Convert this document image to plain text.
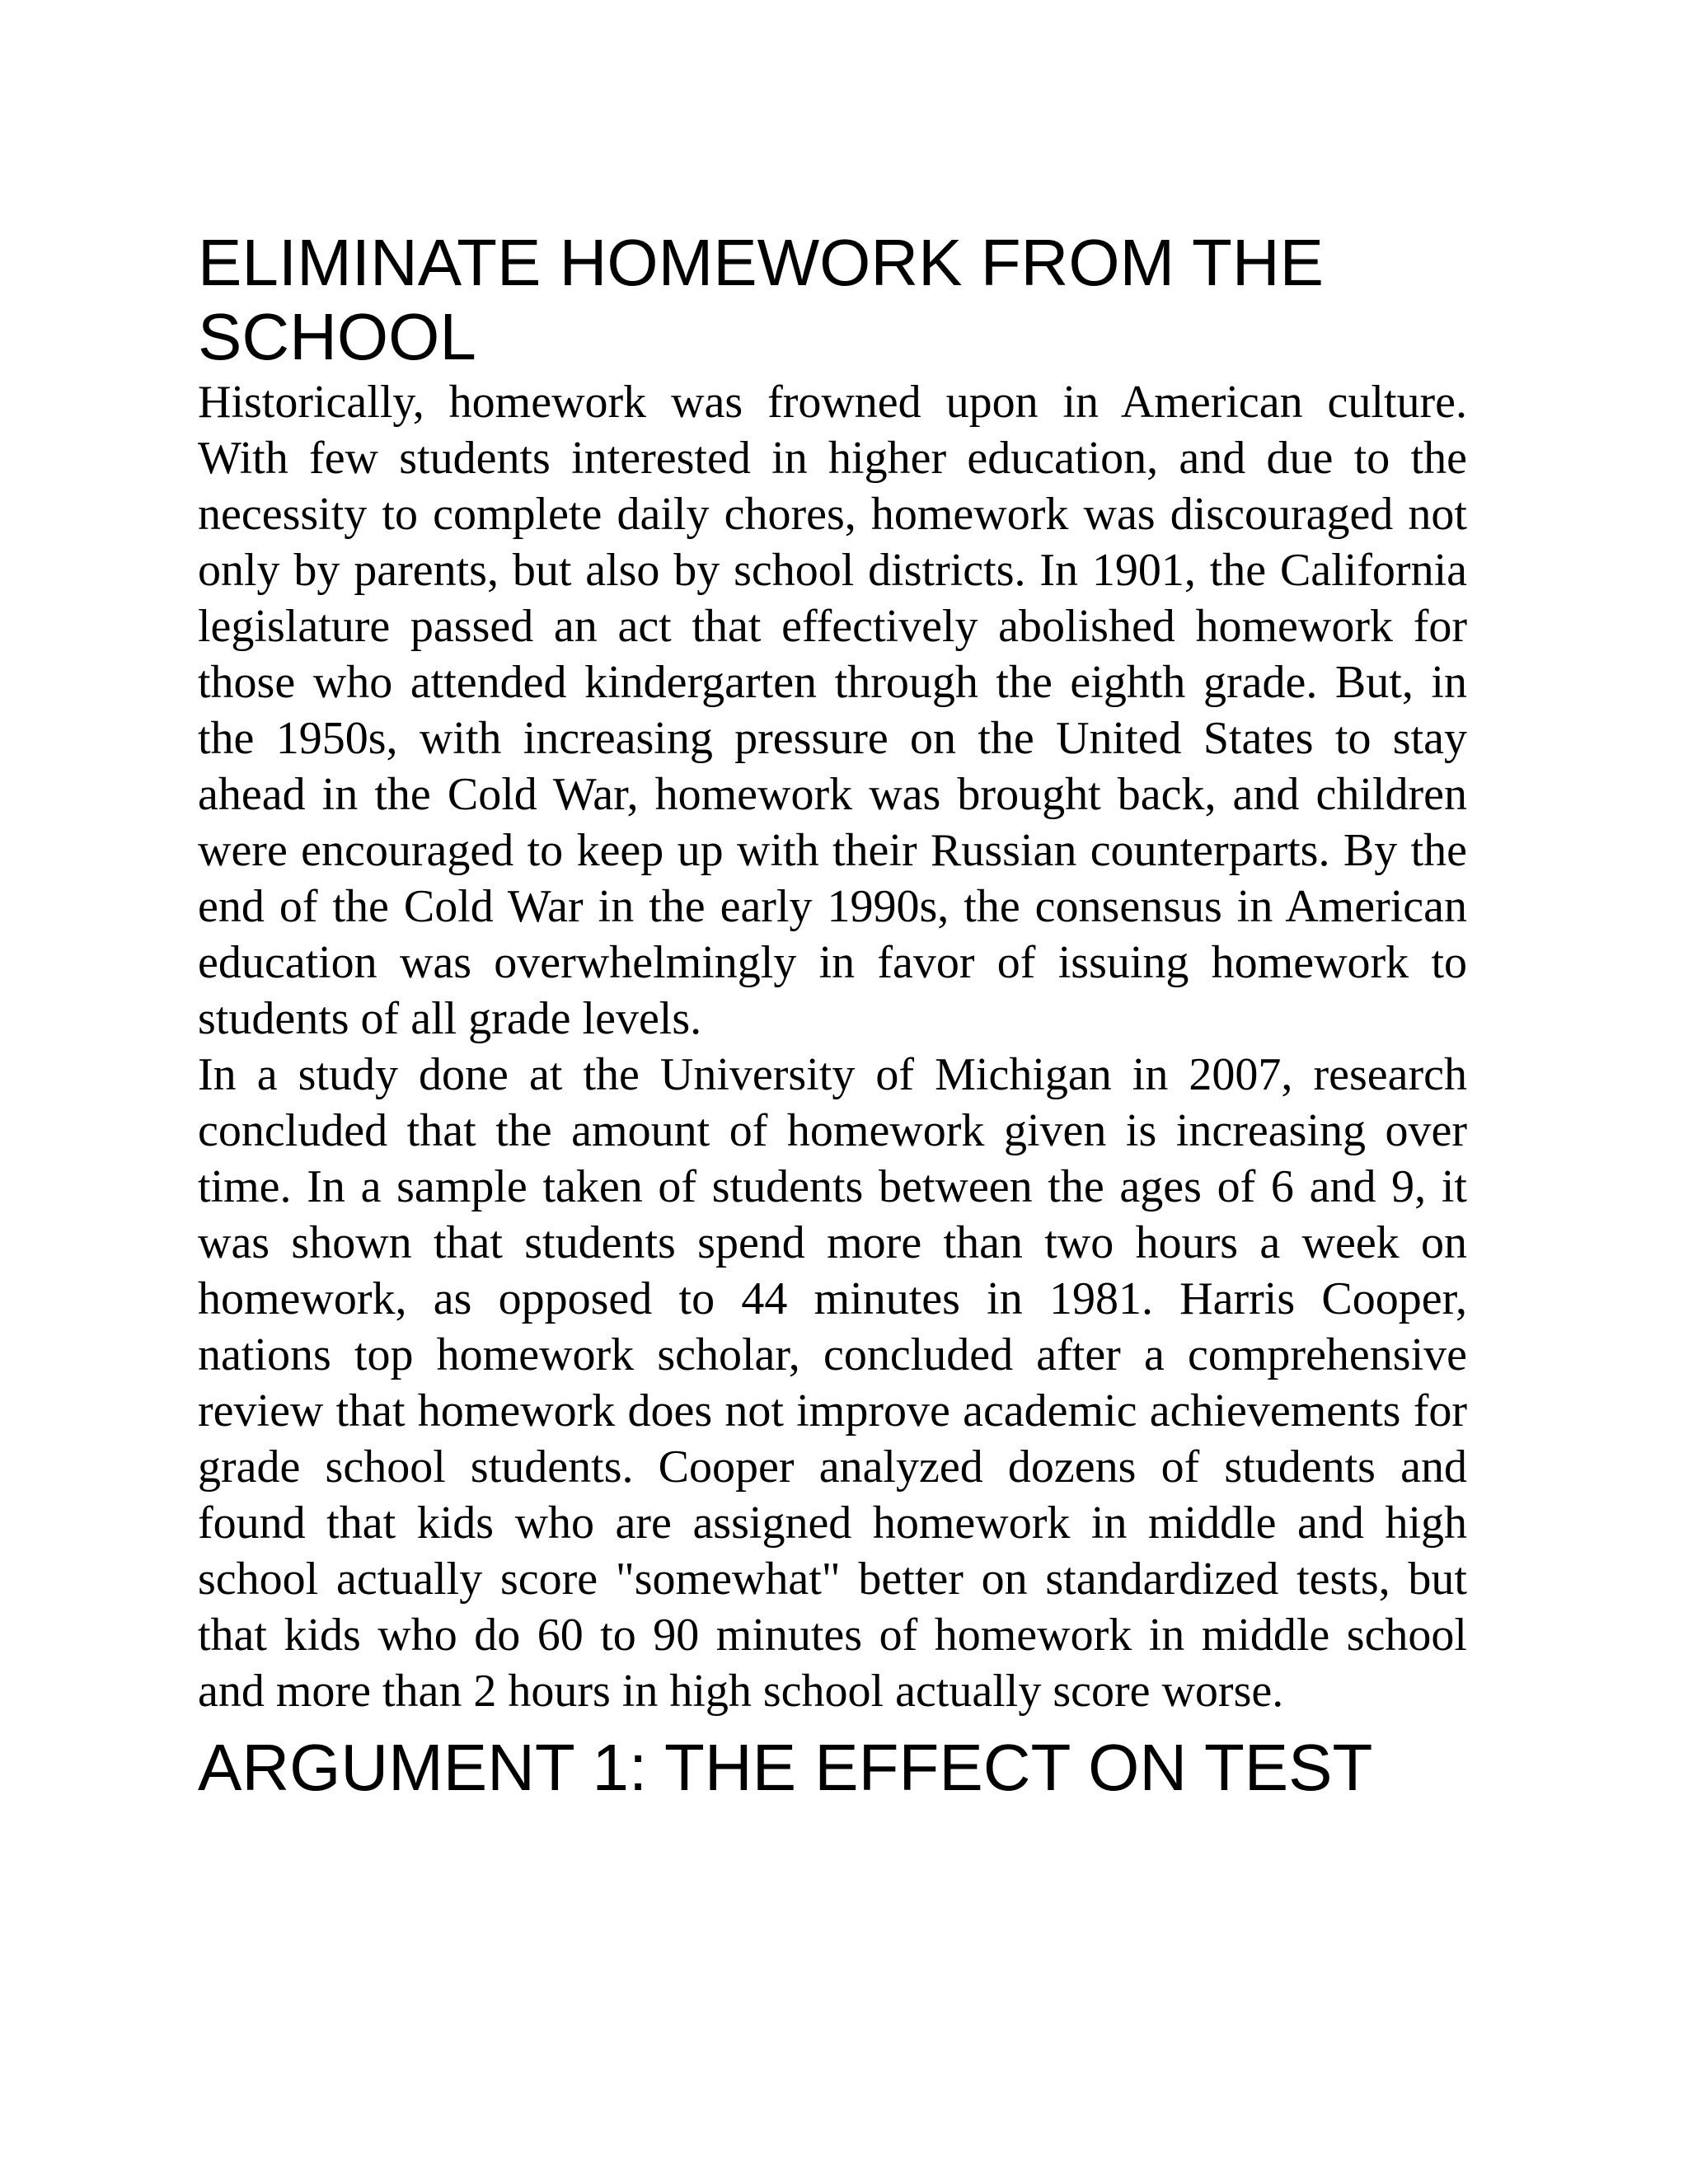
ELIMINATE HOMEWORK FROM THE SCHOOL

Historically, homework was frowned upon in American culture. With few students interested in higher education, and due to the necessity to complete daily chores, homework was discouraged not only by parents, but also by school districts. In 1901, the California legislature passed an act that effectively abolished homework for those who attended kindergarten through the eighth grade. But, in the 1950s, with increasing pressure on the United States to stay ahead in the Cold War, homework was brought back, and children were encouraged to keep up with their Russian counterparts. By the end of the Cold War in the early 1990s, the consensus in American education was overwhelmingly in favor of issuing homework to students of all grade levels.

In a study done at the University of Michigan in 2007, research concluded that the amount of homework given is increasing over time. In a sample taken of students between the ages of 6 and 9, it was shown that students spend more than two hours a week on homework, as opposed to 44 minutes in 1981. Harris Cooper, nations top homework scholar, concluded after a comprehensive review that homework does not improve academic achievements for grade school students. Cooper analyzed dozens of students and found that kids who are assigned homework in middle and high school actually score "somewhat" better on standardized tests, but that kids who do 60 to 90 minutes of homework in middle school and more than 2 hours in high school actually score worse.

ARGUMENT 1: THE EFFECT ON TEST
